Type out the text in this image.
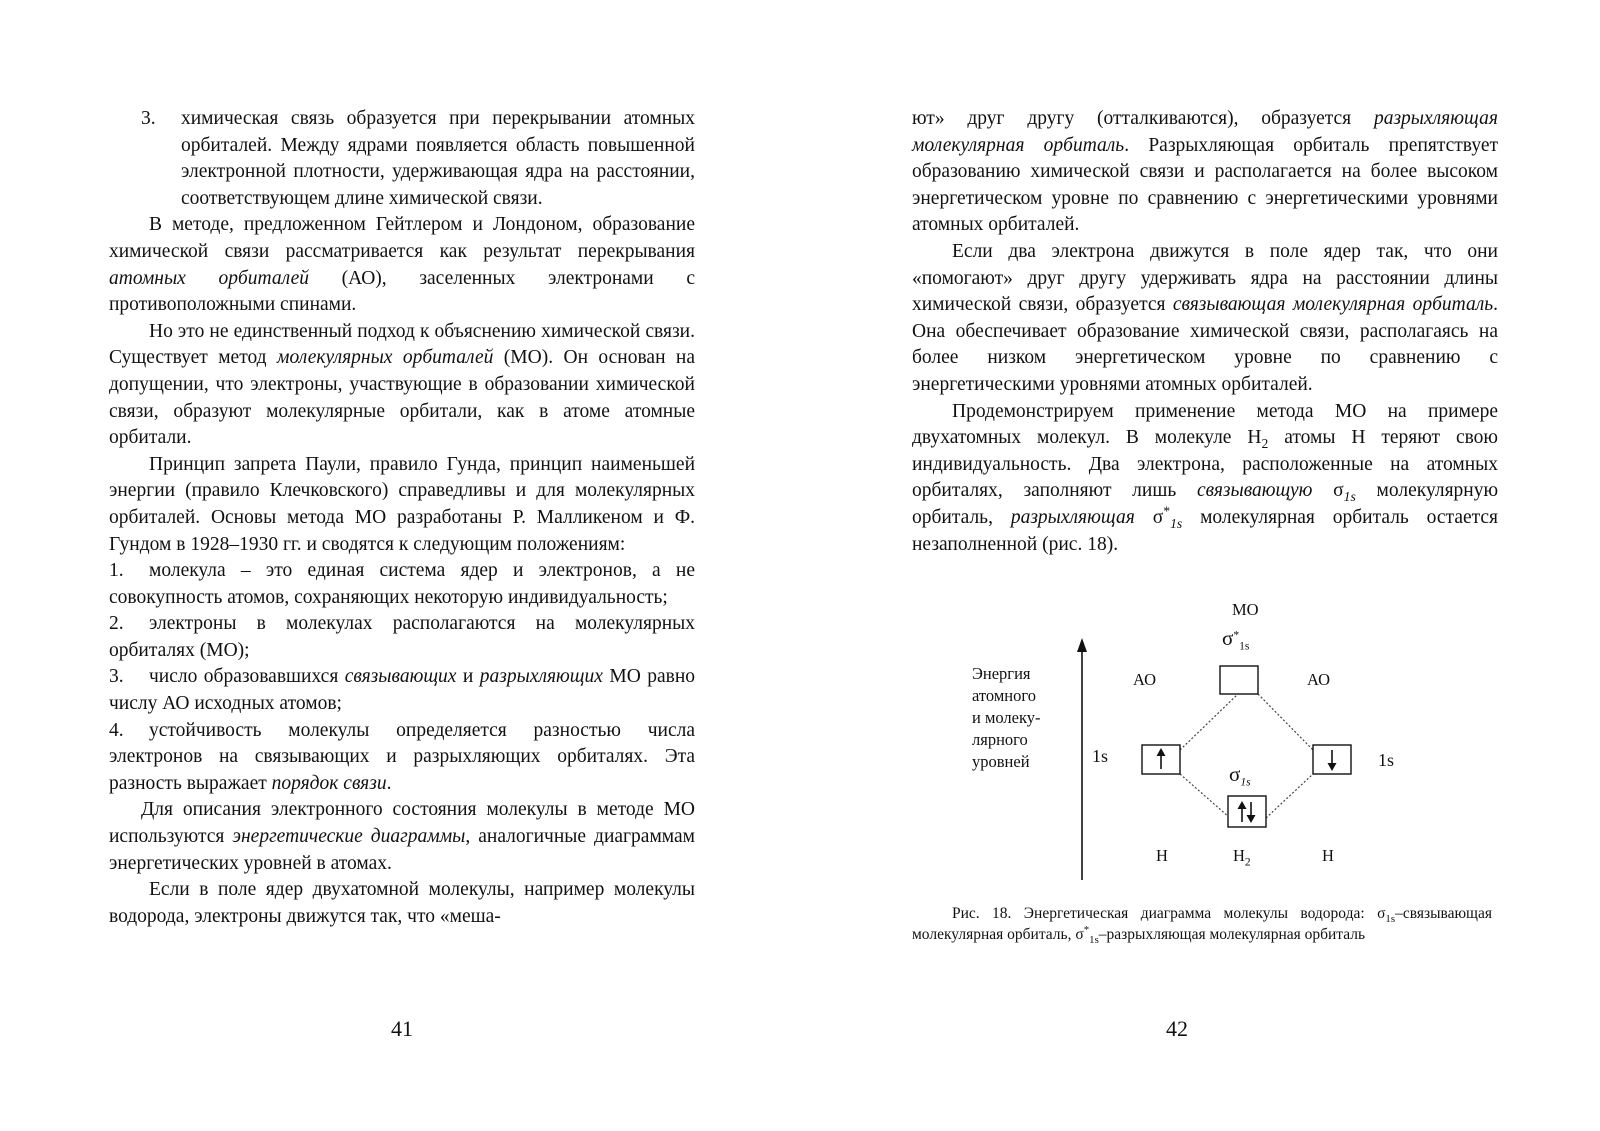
3. химическая связь образуется при перекрывании атомных орбиталей. Между ядрами появляется область повышенной электронной плотности, удерживающая ядра на расстоянии, соответствующем длине химической связи.

В методе, предложенном Гейтлером и Лондоном, образование химической связи рассматривается как результат перекрывания атомных орбиталей (АО), заселенных электронами с противоположными спинами.

Но это не единственный подход к объяснению химической связи. Существует метод молекулярных орбиталей (МО). Он основан на допущении, что электроны, участвующие в образовании химической связи, образуют молекулярные орбитали, как в атоме атомные орбитали.

Принцип запрета Паули, правило Гунда, принцип наименьшей энергии (правило Клечковского) справедливы и для молекулярных орбиталей. Основы метода МО разработаны Р. Малликеном и Ф. Гундом в 1928–1930 гг. и сводятся к следующим положениям:

1. молекула – это единая система ядер и электронов, а не совокупность атомов, сохраняющих некоторую индивидуальность;

2. электроны в молекулах располагаются на молекулярных орбиталях (МО);

3. число образовавшихся связывающих и разрыхляющих МО равно числу АО исходных атомов;

4. устойчивость молекулы определяется разностью числа электронов на связывающих и разрыхляющих орбиталях. Эта разность выражает порядок связи.

Для описания электронного состояния молекулы в методе МО используются энергетические диаграммы, аналогичные диаграммам энергетических уровней в атомах.

Если в поле ядер двухатомной молекулы, например молекулы водорода, электроны движутся так, что «меша-

41

ют» друг другу (отталкиваются), образуется разрыхляющая молекулярная орбиталь. Разрыхляющая орбиталь препятствует образованию химической связи и располагается на более высоком энергетическом уровне по сравнению с энергетическими уровнями атомных орбиталей.

Если два электрона движутся в поле ядер так, что они «помогают» друг другу удерживать ядра на расстоянии длины химической связи, образуется связывающая молекулярная орбиталь. Она обеспечивает образование химической связи, располагаясь на более низком энергетическом уровне по сравнению с энергетическими уровнями атомных орбиталей.

Продемонстрируем применение метода МО на примере двухатомных молекул. В молекуле $H_2$ атомы H теряют свою индивидуальность. Два электрона, расположенные на атомных орбиталях, заполняют лишь связывающую $\sigma_{1s}$ молекулярную орбиталь, разрыхляющая $\sigma^*_{1s}$ молекулярная орбиталь остается незаполненной (рис. 18).

МО
$\sigma^*_{1s}$
АО	АО
Энергия
атомного
и молеку-
лярного
уровней	1s	1s
$\sigma_{1s}$
H	$H_2$	H
Рис. 18. Энергетическая диаграмма молекулы водорода: $\sigma_{1s}$–связывающая молекулярная орбиталь, $\sigma^*_{1s}$–разрыхляющая молекулярная орбиталь
42
